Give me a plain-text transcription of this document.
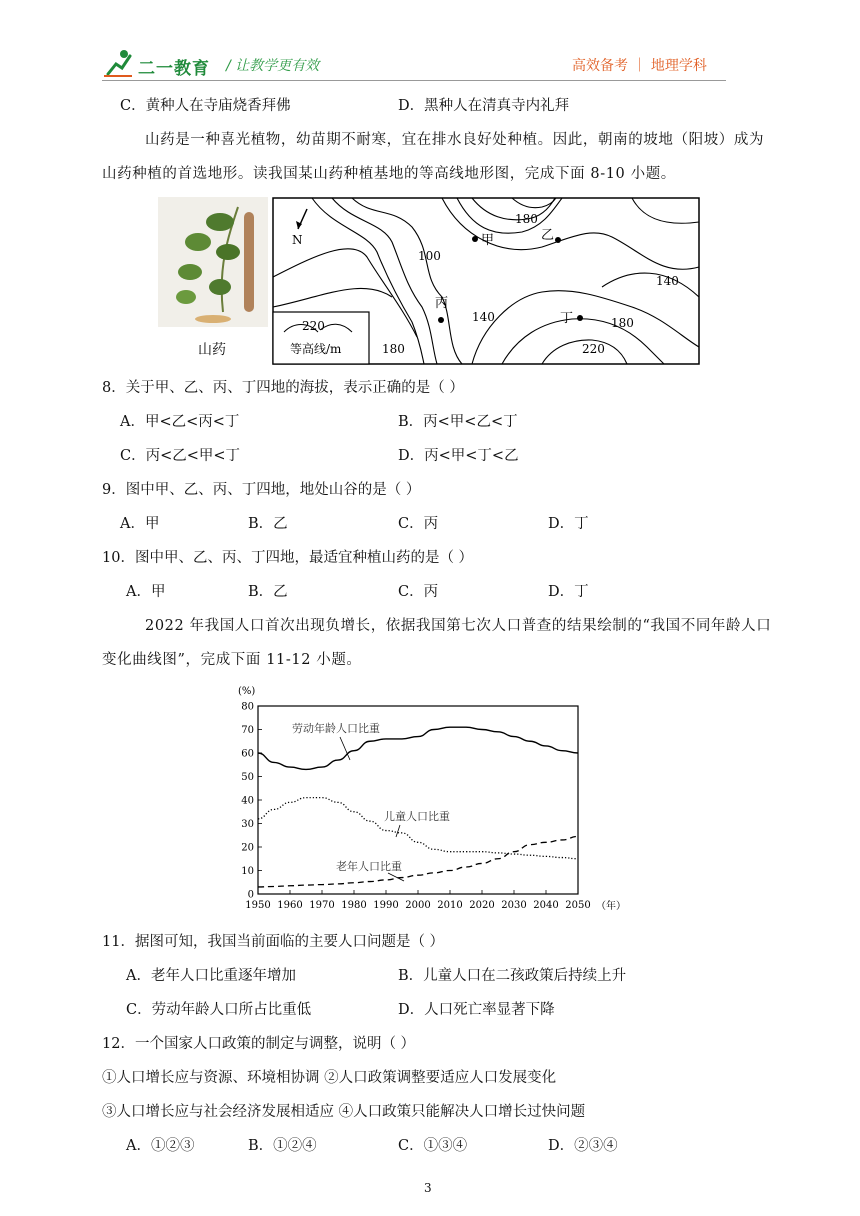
二一教育 / 让教学更有效	高效备考 ｜ 地理学科
C．黄种人在寺庙烧香拜佛	D．黑种人在清真寺内礼拜
山药是一种喜光植物，幼苗期不耐寒，宜在排水良好处种植。因此，朝南的坡地（阳坡）成为
山药种植的首选地形。读我国某山药种植基地的等高线地形图，完成下面 8-10 小题。
山药
220
等高线/m
N
180
100
140
140
180
180	220
甲	乙
丙
丁
8．关于甲、乙、丙、丁四地的海拔，表示正确的是（ ）
A．甲<乙<丙<丁	B．丙<甲<乙<丁
C．丙<乙<甲<丁	D．丙<甲<丁<乙
9．图中甲、乙、丙、丁四地，地处山谷的是（ ）
A．甲	B．乙	C．丙	D．丁
10．图中甲、乙、丙、丁四地，最适宜种植山药的是（ ）
A．甲	B．乙	C．丙	D．丁
2022 年我国人口首次出现负增长，依据我国第七次人口普查的结果绘制的“我国不同年龄人口
变化曲线图”，完成下面 11-12 小题。
(%)
0
10
20
30
40
50
60
70
80
1950 1960 1970 1980 1990 2000 2010 2020 2030 2040 2050 （年）
劳动年龄人口比重
儿童人口比重
老年人口比重
11．据图可知，我国当前面临的主要人口问题是（ ）
A．老年人口比重逐年增加	B．儿童人口在二孩政策后持续上升
C．劳动年龄人口所占比重低	D．人口死亡率显著下降
12．一个国家人口政策的制定与调整，说明（ ）
①人口增长应与资源、环境相协调 ②人口政策调整要适应人口发展变化
③人口增长应与社会经济发展相适应 ④人口政策只能解决人口增长过快问题
A．①②③	B．①②④	C．①③④	D．②③④
3
